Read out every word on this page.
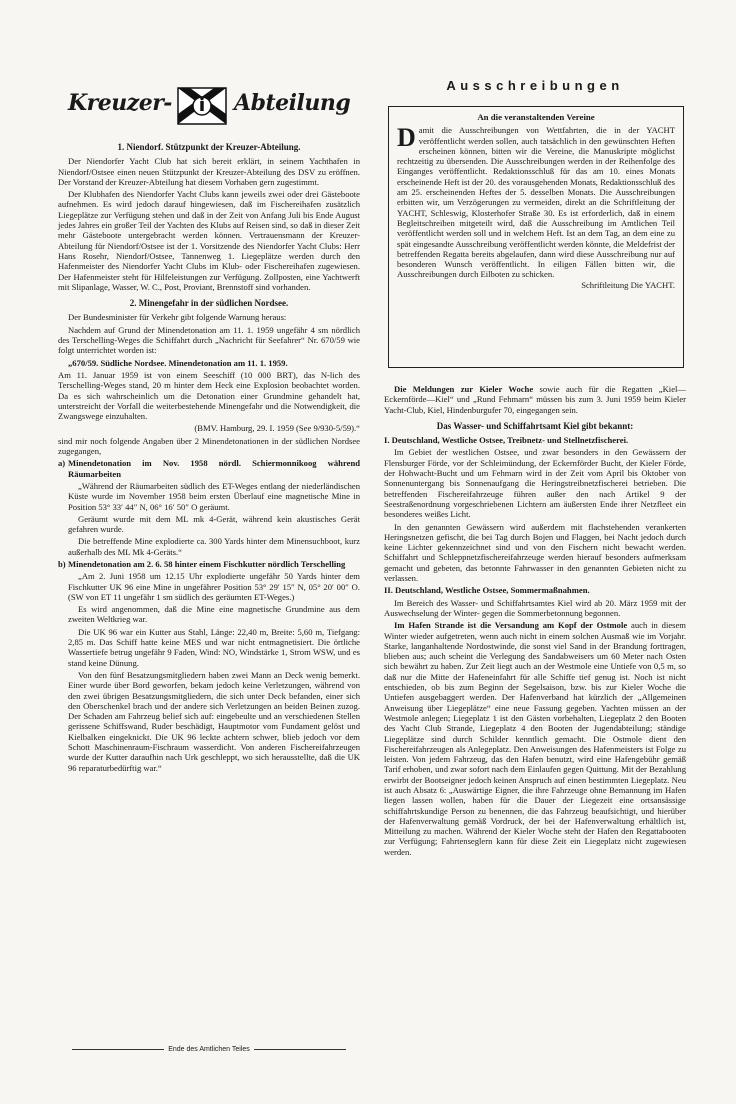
Kreuzer-	Abteilung
1. Niendorf. Stützpunkt der Kreuzer-Abteilung.

Der Niendorfer Yacht Club hat sich bereit erklärt, in seinem Yachthafen in Niendorf/Ostsee einen neuen Stützpunkt der Kreuzer-Abteilung des DSV zu eröffnen. Der Vorstand der Kreuzer-Abteilung hat diesem Vorhaben gern zugestimmt.

Der Klubhafen des Niendorfer Yacht Clubs kann jeweils zwei oder drei Gästeboote aufnehmen. Es wird jedoch darauf hingewiesen, daß im Fischereihafen zusätzlich Liegeplätze zur Verfügung stehen und daß in der Zeit von Anfang Juli bis Ende August jedes Jahres ein großer Teil der Yachten des Klubs auf Reisen sind, so daß in dieser Zeit mehr Gästeboote untergebracht werden können. Vertrauensmann der Kreuzer-Abteilung für Niendorf/Ostsee ist der 1. Vorsitzende des Niendorfer Yacht Clubs: Herr Hans Rosehr, Niendorf/Ostsee, Tannenweg 1. Liegeplätze werden durch den Hafenmeister des Niendorfer Yacht Clubs im Klub- oder Fischereihafen zugewiesen. Der Hafenmeister steht für Hilfeleistungen zur Verfügung. Zollposten, eine Yachtwerft mit Slipanlage, Wasser, W. C., Post, Proviant, Brennstoff sind vorhanden.

2. Minengefahr in der südlichen Nordsee.

Der Bundesminister für Verkehr gibt folgende Warnung heraus:

Nachdem auf Grund der Minendetonation am 11. 1. 1959 ungefähr 4 sm nördlich des Terschelling-Weges die Schiffahrt durch „Nachricht für Seefahrer“ Nr. 670/59 wie folgt unterrichtet worden ist:

„670/59. Südliche Nordsee. Minendetonation am 11. 1. 1959.

Am 11. Januar 1959 ist von einem Seeschiff (10 000 BRT), das N-lich des Terschelling-Weges stand, 20 m hinter dem Heck eine Explosion beobachtet worden. Da es sich wahrscheinlich um die Detonation einer Grundmine gehandelt hat, unterstreicht der Vorfall die weiterbestehende Minengefahr und die Notwendigkeit, die Zwangswege einzuhalten.

(BMV. Hamburg, 29. I. 1959 (See 9/930-5/59).“

sind mir noch folgende Angaben über 2 Minendetonationen in der südlichen Nordsee zugegangen,

a) Minendetonation im Nov. 1958 nördl. Schiermonnikoog während Räumarbeiten

„Während der Räumarbeiten südlich des ET-Weges entlang der niederländischen Küste wurde im November 1958 beim ersten Überlauf eine magnetische Mine in Position 53° 33′ 44″ N, 06° 16′ 50″ O geräumt.

Geräumt wurde mit dem ML mk 4-Gerät, während kein akustisches Gerät gefahren wurde.

Die betreffende Mine explodierte ca. 300 Yards hinter dem Minensuchboot, kurz außerhalb des ML Mk 4-Geräts.“

b) Minendetonation am 2. 6. 58 hinter einem Fischkutter nördlich Terschelling

„Am 2. Juni 1958 um 12.15 Uhr explodierte ungefähr 50 Yards hinter dem Fischkutter UK 96 eine Mine in ungefährer Position 53° 29′ 15″ N, 05° 20′ 00″ O. (SW von ET 11 ungefähr 1 sm südlich des geräumten ET-Weges.)

Es wird angenommen, daß die Mine eine magnetische Grundmine aus dem zweiten Weltkrieg war.

Die UK 96 war ein Kutter aus Stahl, Länge: 22,40 m, Breite: 5,60 m, Tiefgang: 2,85 m. Das Schiff hatte keine MES und war nicht entmagnetisiert. Die örtliche Wassertiefe betrug ungefähr 9 Faden, Wind: NO, Windstärke 1, Strom WSW, und es stand keine Dünung.

Von den fünf Besatzungsmitgliedern haben zwei Mann an Deck wenig bemerkt. Einer wurde über Bord geworfen, bekam jedoch keine Verletzungen, während von den zwei übrigen Besatzungsmitgliedern, die sich unter Deck befanden, einer sich den Oberschenkel brach und der andere sich Verletzungen an beiden Beinen zuzog. Der Schaden am Fahrzeug belief sich auf: eingebeulte und an verschiedenen Stellen gerissene Schiffswand, Ruder beschädigt, Hauptmotor vom Fundament gelöst und Kielbalken eingeknickt. Die UK 96 leckte achtern schwer, blieb jedoch vor dem Schott Maschinenraum-Fischraum wasserdicht. Von anderen Fischereifahrzeugen wurde der Kutter daraufhin nach Urk geschleppt, wo sich herausstellte, daß die UK 96 reparaturbedürftig war.“

Ende des Amtlichen Teiles
Ausschreibungen
An die veranstaltenden Vereine
Damit die Ausschreibungen von Wettfahrten, die in der YACHT veröffentlicht werden sollen, auch tatsächlich in den gewünschten Heften erscheinen können, bitten wir die Vereine, die Manuskripte möglichst rechtzeitig zu übersenden. Die Ausschreibungen werden in der Reihenfolge des Einganges veröffentlicht. Redaktionsschluß für das am 10. eines Monats erscheinende Heft ist der 20. des vorausgehenden Monats, Redaktionsschluß des am 25. erscheinenden Heftes der 5. desselben Monats. Die Ausschreibungen erbitten wir, um Verzögerungen zu vermeiden, direkt an die Schriftleitung der YACHT, Schleswig, Klosterhofer Straße 30. Es ist erforderlich, daß in einem Begleitschreiben mitgeteilt wird, daß die Ausschreibung im Amtlichen Teil veröffentlicht werden soll und in welchem Heft. Ist an dem Tag, an dem eine zu spät eingesandte Ausschreibung veröffentlicht werden könnte, die Meldefrist der betreffenden Regatta bereits abgelaufen, dann wird diese Ausschreibung nur auf besonderen Wunsch veröffentlicht. In eiligen Fällen bitten wir, die Ausschreibungen durch Eilboten zu schicken.
Schriftleitung Die YACHT.

Die Meldungen zur Kieler Woche sowie auch für die Regatten „Kiel—Eckernförde—Kiel“ und „Rund Fehmarn“ müssen bis zum 3. Juni 1959 beim Kieler Yacht-Club, Kiel, Hindenburgufer 70, eingegangen sein.

Das Wasser- und Schiffahrtsamt Kiel gibt bekannt:

I. Deutschland, Westliche Ostsee, Treibnetz- und Stellnetzfischerei.

Im Gebiet der westlichen Ostsee, und zwar besonders in den Gewässern der Flensburger Förde, vor der Schleimündung, der Eckernförder Bucht, der Kieler Förde, der Hohwacht-Bucht und um Fehmarn wird in der Zeit vom April bis Oktober von Sonnenuntergang bis Sonnenaufgang die Heringstreibnetzfischerei betrieben. Die betreffenden Fischereifahrzeuge führen außer den nach Artikel 9 der Seestraßenordnung vorgeschriebenen Lichtern am äußersten Ende ihrer Netzfleet ein besonderes weißes Licht.

In den genannten Gewässern wird außerdem mit flachstehenden verankerten Heringsnetzen gefischt, die bei Tag durch Bojen und Flaggen, bei Nacht jedoch durch keine Lichter gekennzeichnet sind und von den Fischern nicht bewacht werden. Schiffahrt und Schleppnetzfischereifahrzeuge werden hierauf besonders aufmerksam gemacht und gebeten, das betonnte Fahrwasser in den genannten Gebieten nicht zu verlassen.

II. Deutschland, Westliche Ostsee, Sommermaßnahmen.

Im Bereich des Wasser- und Schiffahrtsamtes Kiel wird ab 20. März 1959 mit der Auswechselung der Winter- gegen die Sommerbetonnung begonnen.

Im Hafen Strande ist die Versandung am Kopf der Ostmole auch in diesem Winter wieder aufgetreten, wenn auch nicht in einem solchen Ausmaß wie im Vorjahr. Starke, langanhaltende Nordostwinde, die sonst viel Sand in der Brandung forttragen, blieben aus; auch scheint die Verlegung des Sandabweisers um 60 Meter nach Osten sich bewährt zu haben. Zur Zeit liegt auch an der Westmole eine Untiefe von 0,5 m, so daß nur die Mitte der Hafeneinfahrt für alle Schiffe tief genug ist. Noch ist nicht entschieden, ob bis zum Beginn der Segelsaison, bzw. bis zur Kieler Woche die Untiefen ausgebaggert werden. Der Hafenverband hat kürzlich der „Allgemeinen Anweisung über Liegeplätze“ eine neue Fassung gegeben. Yachten müssen an der Westmole anlegen; Liegeplatz 1 ist den Gästen vorbehalten, Liegeplatz 2 den Booten des Yacht Club Strande, Liegeplatz 4 den Booten der Jugendabteilung; ständige Liegeplätze sind durch Schilder kenntlich gemacht. Die Ostmole dient den Fischereifahrzeugen als Anlegeplatz. Den Anweisungen des Hafenmeisters ist Folge zu leisten. Von jedem Fahrzeug, das den Hafen benutzt, wird eine Hafengebühr gemäß Tarif erhoben, und zwar sofort nach dem Einlaufen gegen Quittung. Mit der Bezahlung erwirbt der Bootseigner jedoch keinen Anspruch auf einen bestimmten Liegeplatz. Neu ist auch Absatz 6: „Auswärtige Eigner, die ihre Fahrzeuge ohne Bemannung im Hafen liegen lassen wollen, haben für die Dauer der Liegezeit eine ortsansässige schiffahrtskundige Person zu benennen, die das Fahrzeug beaufsichtigt, und hierüber der Hafenverwaltung gemäß Vordruck, der bei der Hafenverwaltung erhältlich ist, Mitteilung zu machen. Während der Kieler Woche steht der Hafen den Regattabooten zur Verfügung; Fahrtenseglern kann für diese Zeit ein Liegeplatz nicht zugewiesen werden.
